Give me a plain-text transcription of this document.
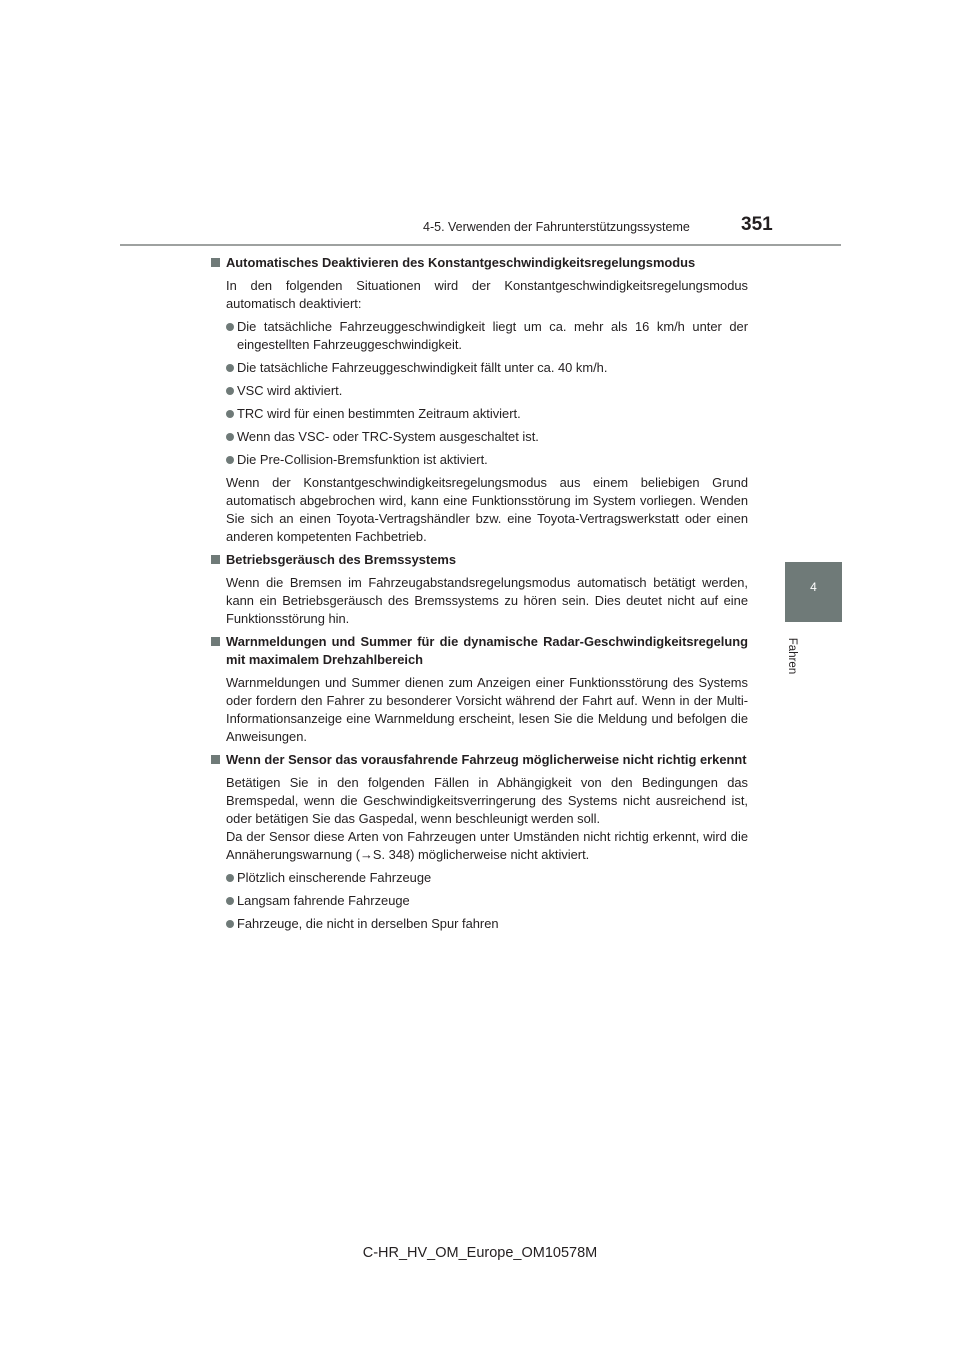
4-5. Verwenden der Fahrunterstützungssysteme	351
4
Fahren
Automatisches Deaktivieren des Konstantgeschwindigkeitsregelungsmodus
In den folgenden Situationen wird der Konstantgeschwindigkeitsregelungsmodus automatisch deaktiviert:
Die tatsächliche Fahrzeuggeschwindigkeit liegt um ca. mehr als 16 km/h unter der eingestellten Fahrzeuggeschwindigkeit.
Die tatsächliche Fahrzeuggeschwindigkeit fällt unter ca. 40 km/h.
VSC wird aktiviert.
TRC wird für einen bestimmten Zeitraum aktiviert.
Wenn das VSC- oder TRC-System ausgeschaltet ist.
Die Pre-Collision-Bremsfunktion ist aktiviert.
Wenn der Konstantgeschwindigkeitsregelungsmodus aus einem beliebigen Grund automatisch abgebrochen wird, kann eine Funktionsstörung im System vorliegen. Wenden Sie sich an einen Toyota-Vertragshändler bzw. eine Toyota-Vertragswerkstatt oder einen anderen kompetenten Fachbetrieb.
Betriebsgeräusch des Bremssystems
Wenn die Bremsen im Fahrzeugabstandsregelungsmodus automatisch betätigt werden, kann ein Betriebsgeräusch des Bremssystems zu hören sein. Dies deutet nicht auf eine Funktionsstörung hin.
Warnmeldungen und Summer für die dynamische Radar-Geschwindigkeitsregelung mit maximalem Drehzahlbereich
Warnmeldungen und Summer dienen zum Anzeigen einer Funktionsstörung des Systems oder fordern den Fahrer zu besonderer Vorsicht während der Fahrt auf. Wenn in der Multi-Informationsanzeige eine Warnmeldung erscheint, lesen Sie die Meldung und befolgen die Anweisungen.
Wenn der Sensor das vorausfahrende Fahrzeug möglicherweise nicht richtig erkennt
Betätigen Sie in den folgenden Fällen in Abhängigkeit von den Bedingungen das Bremspedal, wenn die Geschwindigkeitsverringerung des Systems nicht ausreichend ist, oder betätigen Sie das Gaspedal, wenn beschleunigt werden soll.
Da der Sensor diese Arten von Fahrzeugen unter Umständen nicht richtig erkennt, wird die Annäherungswarnung (→S. 348) möglicherweise nicht aktiviert.
Plötzlich einscherende Fahrzeuge
Langsam fahrende Fahrzeuge
Fahrzeuge, die nicht in derselben Spur fahren
C-HR_HV_OM_Europe_OM10578M
